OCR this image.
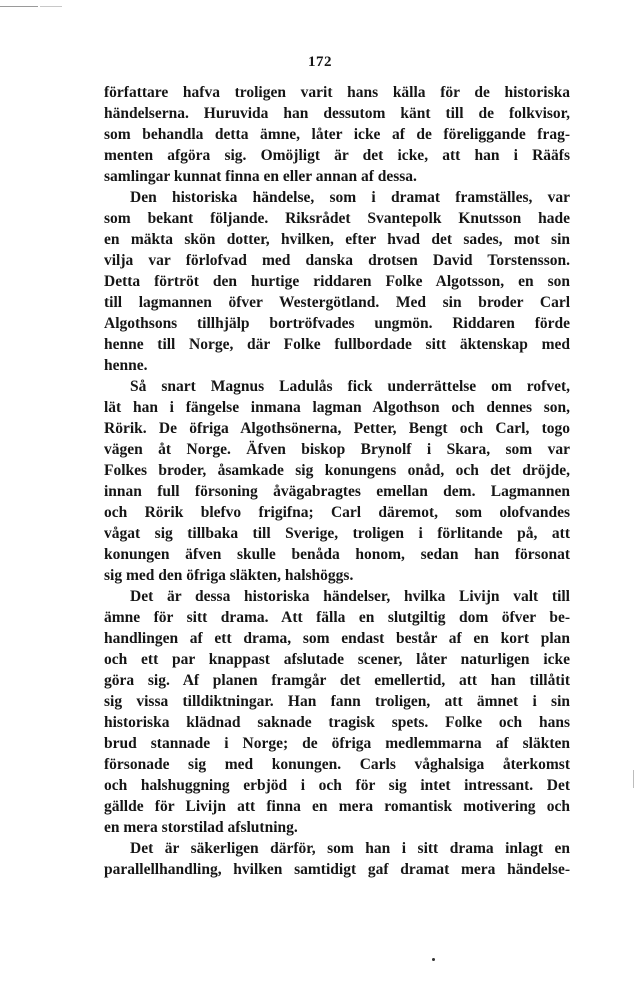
172
författare hafva troligen varit hans källa för de historiska
händelserna. Huruvida han dessutom känt till de folkvisor,
som behandla detta ämne, låter icke af de föreliggande frag-
menten afgöra sig. Omöjligt är det icke, att han i Rääfs
samlingar kunnat finna en eller annan af dessa.
Den historiska händelse, som i dramat framställes, var
som bekant följande. Riksrådet Svantepolk Knutsson hade
en mäkta skön dotter, hvilken, efter hvad det sades, mot sin
vilja var förlofvad med danska drotsen David Torstensson.
Detta förtröt den hurtige riddaren Folke Algotsson, en son
till lagmannen öfver Westergötland. Med sin broder Carl
Algothsons tillhjälp bortröfvades ungmön. Riddaren förde
henne till Norge, där Folke fullbordade sitt äktenskap med
henne.
Så snart Magnus Ladulås fick underrättelse om rofvet,
lät han i fängelse inmana lagman Algothson och dennes son,
Rörik. De öfriga Algothsönerna, Petter, Bengt och Carl, togo
vägen åt Norge. Äfven biskop Brynolf i Skara, som var
Folkes broder, åsamkade sig konungens onåd, och det dröjde,
innan full försoning åvägabragtes emellan dem. Lagmannen
och Rörik blefvo frigifna; Carl däremot, som olofvandes
vågat sig tillbaka till Sverige, troligen i förlitande på, att
konungen äfven skulle benåda honom, sedan han försonat
sig med den öfriga släkten, halshöggs.
Det är dessa historiska händelser, hvilka Livijn valt till
ämne för sitt drama. Att fälla en slutgiltig dom öfver be-
handlingen af ett drama, som endast består af en kort plan
och ett par knappast afslutade scener, låter naturligen icke
göra sig. Af planen framgår det emellertid, att han tillåtit
sig vissa tilldiktningar. Han fann troligen, att ämnet i sin
historiska klädnad saknade tragisk spets. Folke och hans
brud stannade i Norge; de öfriga medlemmarna af släkten
försonade sig med konungen. Carls våghalsiga återkomst
och halshuggning erbjöd i och för sig intet intressant. Det
gällde för Livijn att finna en mera romantisk motivering och
en mera storstilad afslutning.
Det är säkerligen därför, som han i sitt drama inlagt en
parallellhandling, hvilken samtidigt gaf dramat mera händelse-
